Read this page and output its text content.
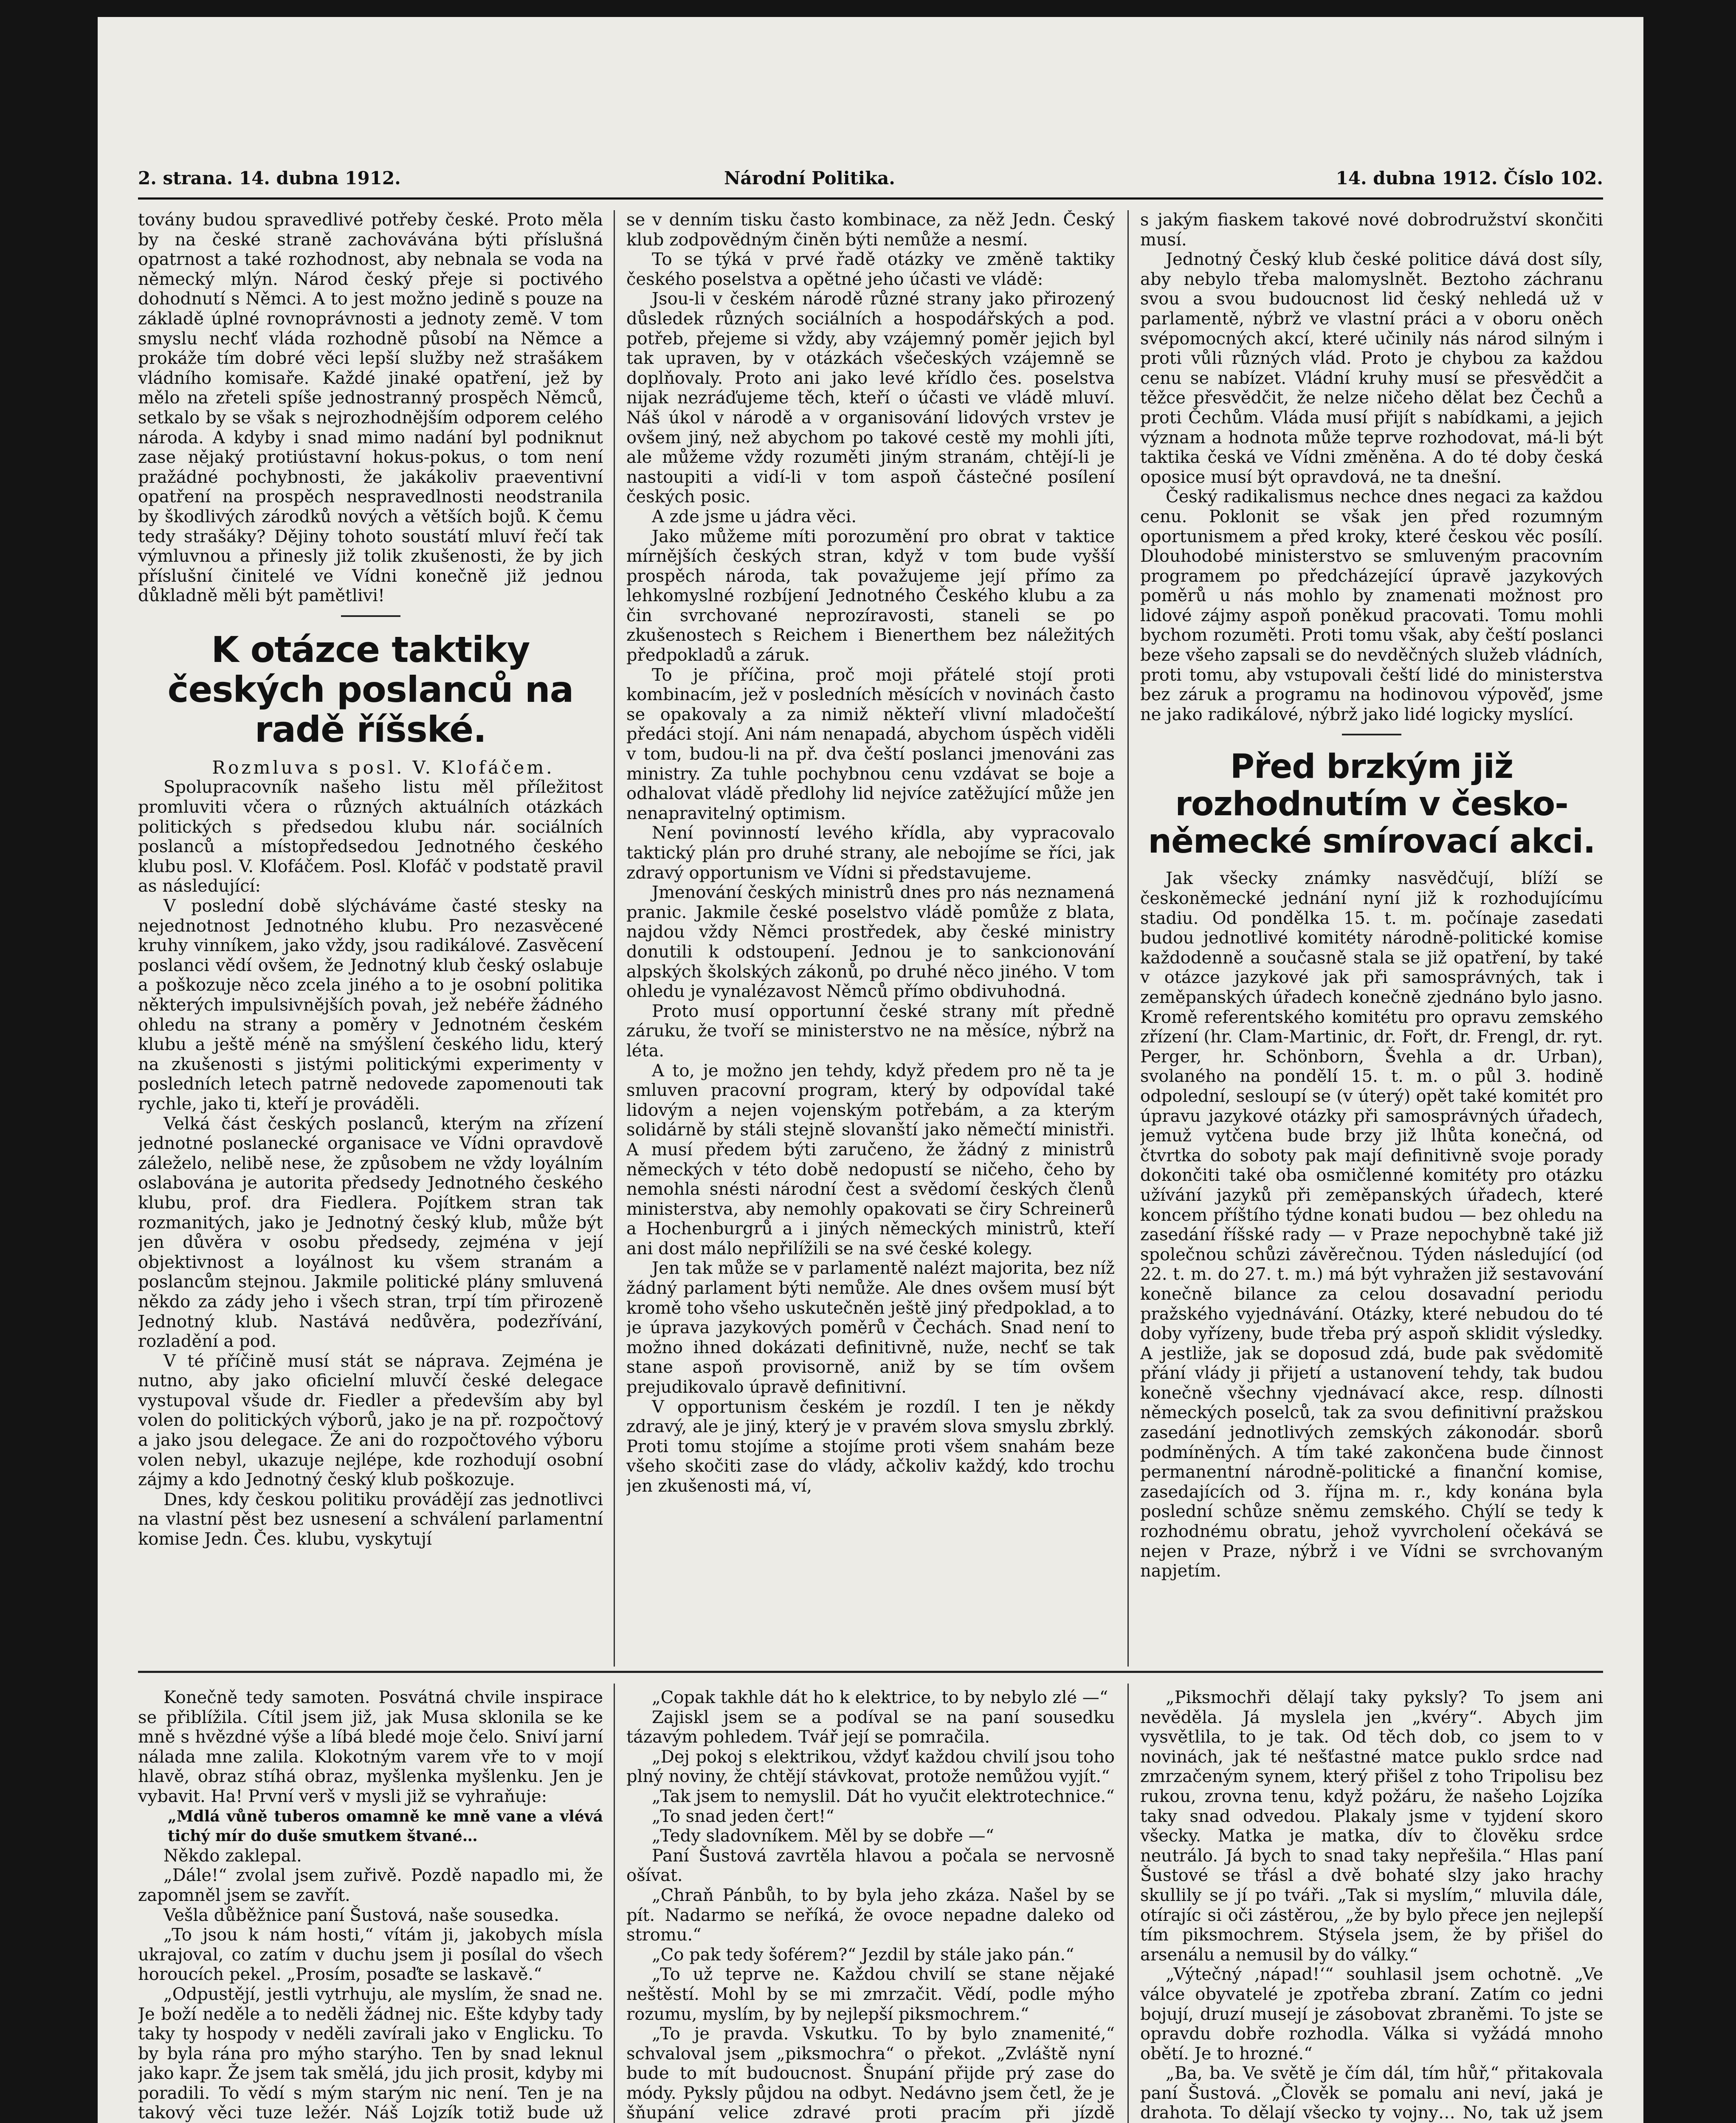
2. strana. 14. dubna 1912.	Národní Politika.	14. dubna 1912. Číslo 102.

továny budou spravedlivé potřeby české. Proto měla by na české straně zachovávána býti příslušná opatrnost a také rozhodnost, aby nebnala se voda na německý mlýn. Národ český přeje si poctivého dohodnutí s Němci. A to jest možno jedině s pouze na základě úplné rovnoprávnosti a jednoty země. V tom smyslu nechť vláda rozhodně působí na Němce a prokáže tím dobré věci lepší služby než strašákem vládního komisaře. Každé jinaké opatření, jež by mělo na zřeteli spíše jednostranný prospěch Němců, setkalo by se však s nejrozhodnějším odporem celého národa. A kdyby i snad mimo nadání byl podniknut zase nějaký protiústavní hokus-pokus, o tom není pražádné pochybnosti, že jakákoliv praeventivní opatření na prospěch nespravedlnosti neodstranila by škodlivých zárodků nových a větších bojů. K čemu tedy strašáky? Dějiny tohoto soustátí mluví řečí tak výmluvnou a přinesly již tolik zkušenosti, že by jich příslušní činitelé ve Vídni konečně již jednou důkladně měli být pamětlivi!

K otázce taktiky českých poslanců na radě říšské.

Rozmluva s posl. V. Klofáčem.

Spolupracovník našeho listu měl příležitost promluviti včera o různých aktuálních otázkách politických s předsedou klubu nár. sociálních poslanců a místopředsedou Jednotného českého klubu posl. V. Klofáčem. Posl. Klofáč v podstatě pravil as následující:

V poslední době slýcháváme časté stesky na nejednotnost Jednotného klubu. Pro nezasvěcené kruhy vinníkem, jako vždy, jsou radikálové. Zasvěcení poslanci vědí ovšem, že Jednotný klub český oslabuje a poškozuje něco zcela jiného a to je osobní politika některých impulsivnějších povah, jež nebéře žádného ohledu na strany a poměry v Jednotném českém klubu a ještě méně na smýšlení českého lidu, který na zkušenosti s jistými politickými experimenty v posledních letech patrně nedovede zapomenouti tak rychle, jako ti, kteří je prováděli.

Velká část českých poslanců, kterým na zřízení jednotné poslanecké organisace ve Vídni opravdově záleželo, nelibě nese, že způsobem ne vždy loyálním oslabována je autorita předsedy Jednotného českého klubu, prof. dra Fiedlera. Pojítkem stran tak rozmanitých, jako je Jednotný český klub, může být jen důvěra v osobu předsedy, zejména v její objektivnost a loyálnost ku všem stranám a poslancům stejnou. Jakmile politické plány smluvená někdo za zády jeho i všech stran, trpí tím přirozeně Jednotný klub. Nastává nedůvěra, podezřívání, rozladění a pod.

V té příčině musí stát se náprava. Zejména je nutno, aby jako oficielní mluvčí české delegace vystupoval všude dr. Fiedler a především aby byl volen do politických výborů, jako je na př. rozpočtový a jako jsou delegace. Že ani do rozpočtového výboru volen nebyl, ukazuje nejlépe, kde rozhodují osobní zájmy a kdo Jednotný český klub poškozuje.

Dnes, kdy českou politiku provádějí zas jednotlivci na vlastní pěst bez usnesení a schválení parlamentní komise Jedn. Čes. klubu, vyskytují

se v denním tisku často kombinace, za něž Jedn. Český klub zodpovědným činěn býti nemůže a nesmí.

To se týká v prvé řadě otázky ve změně taktiky českého poselstva a opětné jeho účasti ve vládě:

Jsou-li v českém národě různé strany jako přirozený důsledek různých sociálních a hospodářských a pod. potřeb, přejeme si vždy, aby vzájemný poměr jejich byl tak upraven, by v otázkách všečeských vzájemně se doplňovaly. Proto ani jako levé křídlo čes. poselstva nijak nezráďujeme těch, kteří o účasti ve vládě mluví. Náš úkol v národě a v organisování lidových vrstev je ovšem jiný, než abychom po takové cestě my mohli jíti, ale můžeme vždy rozuměti jiným stranám, chtějí-li je nastoupiti a vidí-li v tom aspoň částečné posílení českých posic.

A zde jsme u jádra věci.

Jako můžeme míti porozumění pro obrat v taktice mírnějších českých stran, když v tom bude vyšší prospěch národa, tak považujeme její přímo za lehkomyslné rozbíjení Jednotného Českého klubu a za čin svrchované neprozíravosti, staneli se po zkušenostech s Reichem i Bienerthem bez náležitých předpokladů a záruk.

To je příčina, proč moji přátelé stojí proti kombinacím, jež v posledních měsících v novinách často se opakovaly a za nimiž někteří vlivní mladočeští předáci stojí. Ani nám nenapadá, abychom úspěch viděli v tom, budou-li na př. dva čeští poslanci jmenováni zas ministry. Za tuhle pochybnou cenu vzdávat se boje a odhalovat vládě předlohy lid nejvíce zatěžující může jen nenapravitelný optimism.

Není povinností levého křídla, aby vypracovalo taktický plán pro druhé strany, ale nebojíme se říci, jak zdravý opportunism ve Vídni si představujeme.

Jmenování českých ministrů dnes pro nás neznamená pranic. Jakmile české poselstvo vládě pomůže z blata, najdou vždy Němci prostředek, aby české ministry donutili k odstoupení. Jednou je to sankcionování alpských školských zákonů, po druhé něco jiného. V tom ohledu je vynalézavost Němců přímo obdivuhodná.

Proto musí opportunní české strany mít předně záruku, že tvoří se ministerstvo ne na měsíce, nýbrž na léta.

A to, je možno jen tehdy, když předem pro ně ta je smluven pracovní program, který by odpovídal také lidovým a nejen vojenským potřebám, a za kterým solidárně by stáli stejně slovanští jako němečtí ministři. A musí předem býti zaručeno, že žádný z ministrů německých v této době nedopustí se ničeho, čeho by nemohla snésti národní čest a svědomí českých členů ministerstva, aby nemohly opakovati se čiry Schreinerů a Hochenburgrů a i jiných německých ministrů, kteří ani dost málo nepřilížili se na své české kolegy.

Jen tak může se v parlamentě nalézt majorita, bez níž žádný parlament býti nemůže. Ale dnes ovšem musí být kromě toho všeho uskutečněn ještě jiný předpoklad, a to je úprava jazykových poměrů v Čechách. Snad není to možno ihned dokázati definitivně, nuže, nechť se tak stane aspoň provisorně, aniž by se tím ovšem prejudikovalo úpravě definitivní.

V opportunism českém je rozdíl. I ten je někdy zdravý, ale je jiný, který je v pravém slova smyslu zbrklý. Proti tomu stojíme a stojíme proti všem snahám beze všeho skočiti zase do vlády, ačkoliv každý, kdo trochu jen zkušenosti má, ví,

s jakým fiaskem takové nové dobrodružství skončiti musí.

Jednotný Český klub české politice dává dost síly, aby nebylo třeba malomyslnět. Beztoho záchranu svou a svou budoucnost lid český nehledá už v parlamentě, nýbrž ve vlastní práci a v oboru oněch svépomocných akcí, které učinily nás národ silným i proti vůli různých vlád. Proto je chybou za každou cenu se nabízet. Vládní kruhy musí se přesvědčit a těžce přesvědčit, že nelze ničeho dělat bez Čechů a proti Čechům. Vláda musí přijít s nabídkami, a jejich význam a hodnota může teprve rozhodovat, má-li být taktika česká ve Vídni změněna. A do té doby česká oposice musí být opravdová, ne ta dnešní.

Český radikalismus nechce dnes negaci za každou cenu. Poklonit se však jen před rozumným oportunismem a před kroky, které českou věc posílí. Dlouhodobé ministerstvo se smluveným pracovním programem po předcházející úpravě jazykových poměrů u nás mohlo by znamenati možnost pro lidové zájmy aspoň poněkud pracovati. Tomu mohli bychom rozuměti. Proti tomu však, aby čeští poslanci beze všeho zapsali se do nevděčných služeb vládních, proti tomu, aby vstupovali čeští lidé do ministerstva bez záruk a programu na hodinovou výpověď, jsme ne jako radikálové, nýbrž jako lidé logicky myslící.

Před brzkým již rozhodnutím v česko-německé smírovací akci.

Jak všecky známky nasvědčují, blíží se českoněmecké jednání nyní již k rozhodujícímu stadiu. Od pondělka 15. t. m. počínaje zasedati budou jednotlivé komitéty národně-politické komise každodenně a současně stala se již opatření, by také v otázce jazykové jak při samosprávných, tak i zeměpanských úřadech konečně zjednáno bylo jasno. Kromě referentského komitétu pro opravu zemského zřízení (hr. Clam-Martinic, dr. Fořt, dr. Frengl, dr. ryt. Perger, hr. Schönborn, Švehla a dr. Urban), svolaného na pondělí 15. t. m. o půl 3. hodině odpolední, sesloupí se (v úterý) opět také komitét pro úpravu jazykové otázky při samosprávných úřadech, jemuž vytčena bude brzy již lhůta konečná, od čtvrtka do soboty pak mají definitivně svoje porady dokončiti také oba osmičlenné komitéty pro otázku užívání jazyků při zeměpanských úřadech, které koncem příštího týdne konati budou — bez ohledu na zasedání říšské rady — v Praze nepochybně také již společnou schůzi závěrečnou. Týden následující (od 22. t. m. do 27. t. m.) má být vyhražen již sestavování konečně bilance za celou dosavadní periodu pražského vyjednávání. Otázky, které nebudou do té doby vyřízeny, bude třeba prý aspoň sklidit výsledky. A jestliže, jak se doposud zdá, bude pak svědomitě přání vlády ji přijetí a ustanovení tehdy, tak budou konečně všechny vjednávací akce, resp. dílnosti německých poselců, tak za svou definitivní pražskou zasedání jednotlivých zemských zákonodár. sborů podmíněných. A tím také zakončena bude činnost permanentní národně-politické a finanční komise, zasedajících od 3. října m. r., kdy konána byla poslední schůze sněmu zemského. Chýlí se tedy k rozhodnému obratu, jehož vyvrcholení očekává se nejen v Praze, nýbrž i ve Vídni se svrchovaným napjetím.

Konečně tedy samoten. Posvátná chvile inspirace se přiblížila. Cítil jsem již, jak Musa sklonila se ke mně s hvězdné výše a líbá bledé moje čelo. Sniví jarní nálada mne zalila. Klokotným varem vře to v mojí hlavě, obraz stíhá obraz, myšlenka myšlenku. Jen je vybavit. Ha! První verš v mysli již se vyhraňuje:

„Mdlá vůně tuberos omamně ke mně vane a vlévá tichý mír do duše smutkem štvané…

Někdo zaklepal.

„Dále!“ zvolal jsem zuřivě. Pozdě napadlo mi, že zapomněl jsem se zavřít.

Vešla důběžnice paní Šustová, naše sousedka.

„To jsou k nám hosti,“ vítám ji, jakobych mísla ukrajoval, co zatím v duchu jsem ji posílal do všech horoucích pekel. „Prosím, posaďte se laskavě.“

„Odpustějí, jestli vytrhuju, ale myslím, že snad ne. Je boží neděle a to neděli žádnej nic. Ešte kdyby tady taky ty hospody v neděli zavírali jako v Englicku. To by byla rána pro mýho starýho. Ten by snad leknul jako kapr. Že jsem tak smělá, jdu jich prosit, kdyby mi poradili. To vědí s mým starým nic není. Ten je na takový věci tuze ležér. Náš Lojzík totiž bude už

„Copak takhle dát ho k elektrice, to by nebylo zlé —“

Zajiskl jsem se a podíval se na paní sousedku tázavým pohledem. Tvář její se pomračila.

„Dej pokoj s elektrikou, vždyť každou chvilí jsou toho plný noviny, že chtějí stávkovat, protože nemůžou vyjít.“

„Tak jsem to nemyslil. Dát ho vyučit elektrotechnice.“

„To snad jeden čert!“

„Tedy sladovníkem. Měl by se dobře —“

Paní Šustová zavrtěla hlavou a počala se nervosně ošívat.

„Chraň Pánbůh, to by byla jeho zkáza. Našel by se pít. Nadarmo se neříká, že ovoce nepadne daleko od stromu.“

„Co pak tedy šoférem?“ Jezdil by stále jako pán.“

„To už teprve ne. Každou chvilí se stane nějaké neštěstí. Mohl by se mi zmrzačit. Vědí, podle mýho rozumu, myslím, by by nejlepší piksmochrem.“

„To je pravda. Vskutku. To by bylo znamenité,“ schvaloval jsem „piksmochra“ o překot. „Zvláště nyní bude to mít budoucnost. Šnupání přijde prý zase do módy. Pyksly půjdou na odbyt. Nedávno jsem četl, že je šňupání velice zdravé proti pracím při jízdě

„Piksmochři dělají taky pyksly? To jsem ani nevěděla. Já myslela jen „kvéry“. Abych jim vysvětlila, to je tak. Od těch dob, co jsem to v novinách, jak té nešťastné matce puklo srdce nad zmrzačeným synem, který přišel z toho Tripolisu bez rukou, zrovna tenu, když požáru, že našeho Lojzíka taky snad odvedou. Plakaly jsme v tyjdení skoro všecky. Matka je matka, dív to člověku srdce neutrálo. Já bych to snad taky nepřešila.“ Hlas paní Šustové se třásl a dvě bohaté slzy jako hrachy skullily se jí po tváři. „Tak si myslím,“ mluvila dále, otírajíc si oči zástěrou, „že by bylo přece jen nejlepší tím piksmochrem. Stýsela jsem, že by přišel do arsenálu a nemusil by do války.“

„Výtečný ‚nápad!‘“ souhlasil jsem ochotně. „Ve válce obyvatelé je zpotřeba zbraní. Zatím co jedni bojují, druzí musejí je zásobovat zbraněmi. To jste se opravdu dobře rozhodla. Válka si vyžádá mnoho obětí. Je to hrozné.“

„Ba, ba. Ve světě je čím dál, tím hůř,“ přitakovala paní Šustová. „Člověk se pomalu ani neví, jaká je drahota. To dělají všecko ty vojny… No, tak už jsem
